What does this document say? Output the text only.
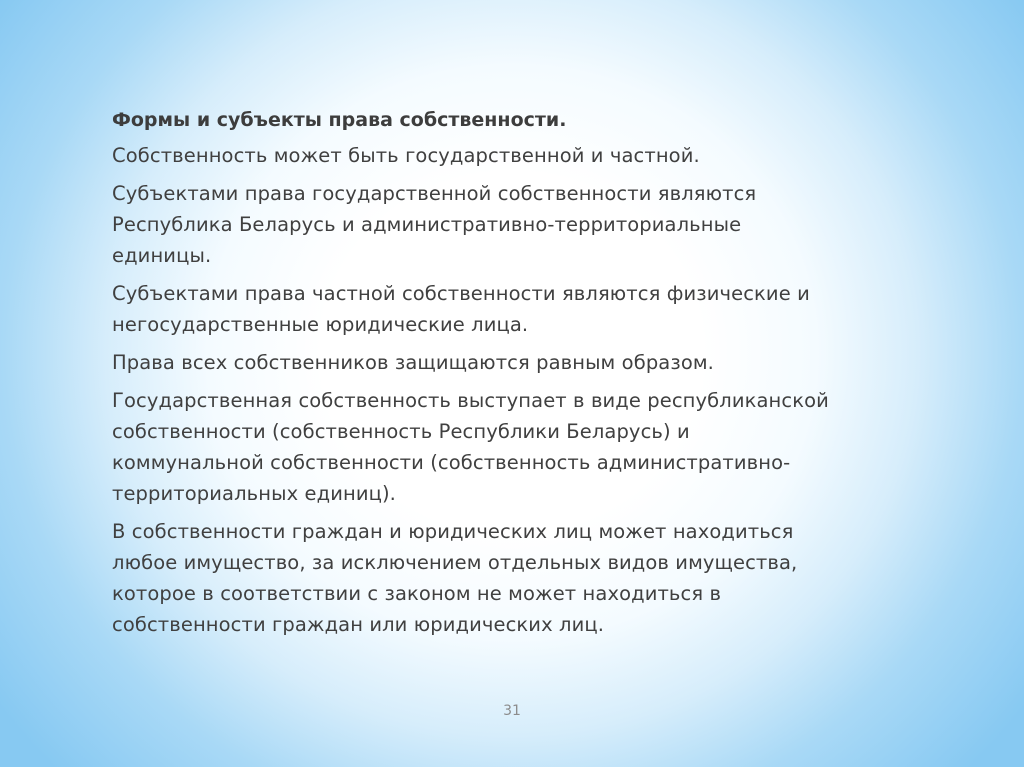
Формы и субъекты права собственности.

Собственность может быть государственной и частной.

Субъектами права государственной собственности являются
Республика Беларусь и административно-территориальные
единицы.

Субъектами права частной собственности являются физические и
негосударственные юридические лица.

Права всех собственников защищаются равным образом.

Государственная собственность выступает в виде республиканской
собственности (собственность Республики Беларусь) и
коммунальной собственности (собственность административно-
территориальных единиц).

В собственности граждан и юридических лиц может находиться
любое имущество, за исключением отдельных видов имущества,
которое в соответствии с законом не может находиться в
собственности граждан или юридических лиц.

31
